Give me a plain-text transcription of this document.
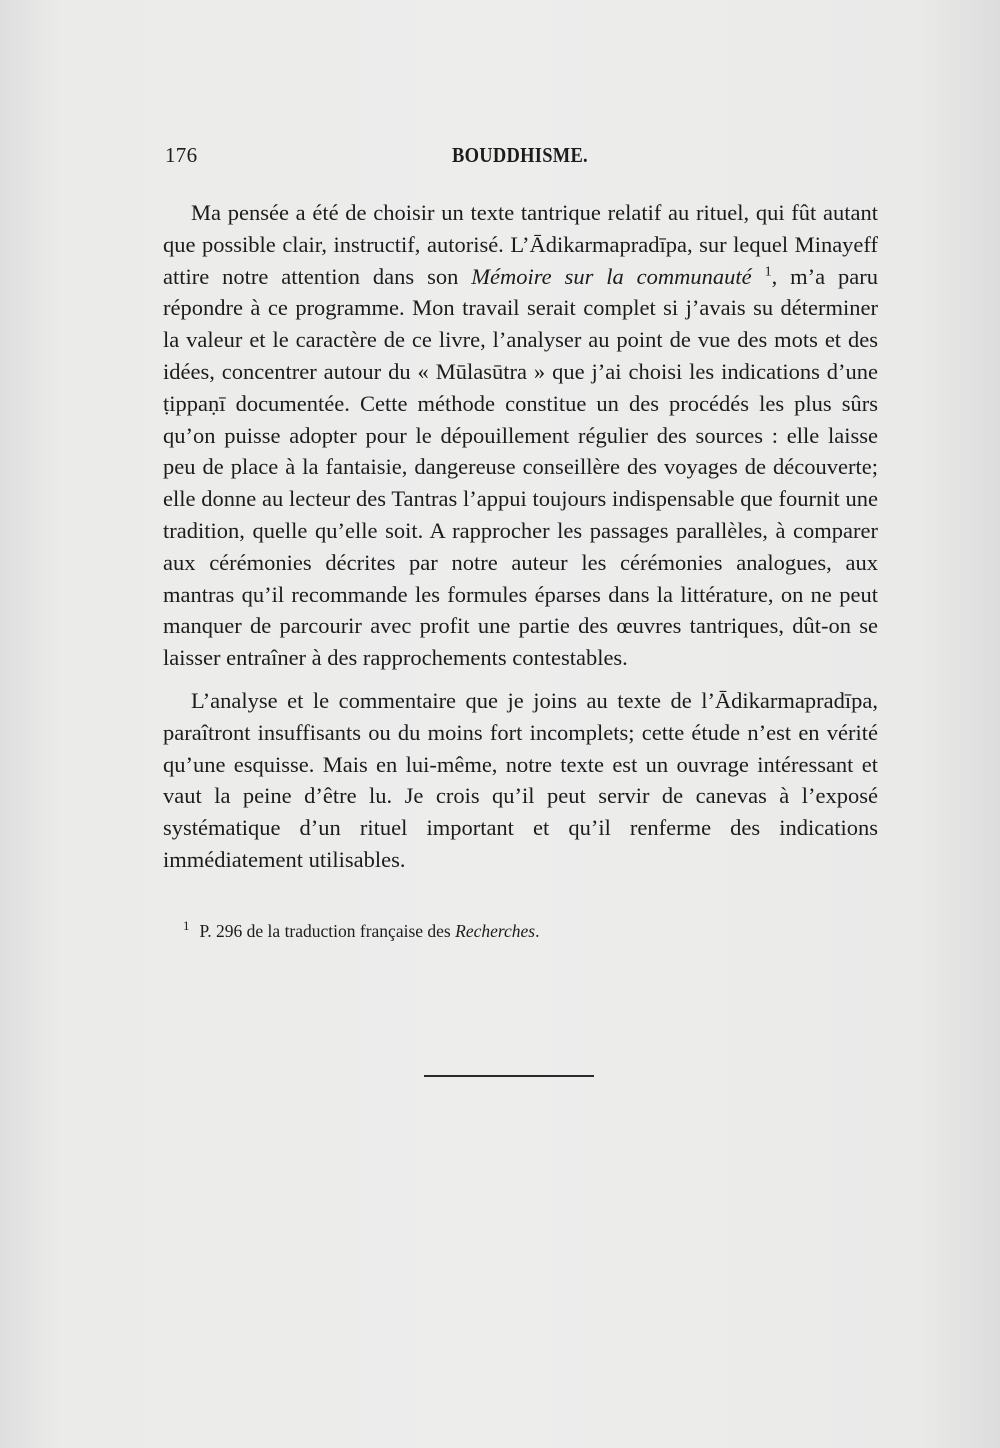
176	BOUDDHISME.

Ma pensée a été de choisir un texte tantrique relatif au rituel, qui fût autant que possible clair, instructif, autorisé. L’Ādikarmapradīpa, sur lequel Minayeff attire notre attention dans son Mémoire sur la communauté $^1$, m’a paru répondre à ce programme. Mon travail serait complet si j’avais su déterminer la valeur et le caractère de ce livre, l’analyser au point de vue des mots et des idées, concentrer autour du « Mūlasūtra » que j’ai choisi les indications d’une ṭippaṇī documentée. Cette méthode constitue un des procédés les plus sûrs qu’on puisse adopter pour le dépouillement régulier des sources : elle laisse peu de place à la fantaisie, dangereuse conseillère des voyages de découverte; elle donne au lecteur des Tantras l’appui toujours indispensable que fournit une tradition, quelle qu’elle soit. A rapprocher les passages parallèles, à comparer aux cérémonies décrites par notre auteur les cérémonies analogues, aux mantras qu’il recommande les formules éparses dans la littérature, on ne peut manquer de parcourir avec profit une partie des œuvres tantriques, dût-on se laisser entraîner à des rapprochements contestables.

L’analyse et le commentaire que je joins au texte de l’Ādikarmapradīpa, paraîtront insuffisants ou du moins fort incomplets; cette étude n’est en vérité qu’une esquisse. Mais en lui-même, notre texte est un ouvrage intéressant et vaut la peine d’être lu. Je crois qu’il peut servir de canevas à l’exposé systématique d’un rituel important et qu’il renferme des indications immédiatement utilisables.

$^1$ P. 296 de la traduction française des Recherches.
